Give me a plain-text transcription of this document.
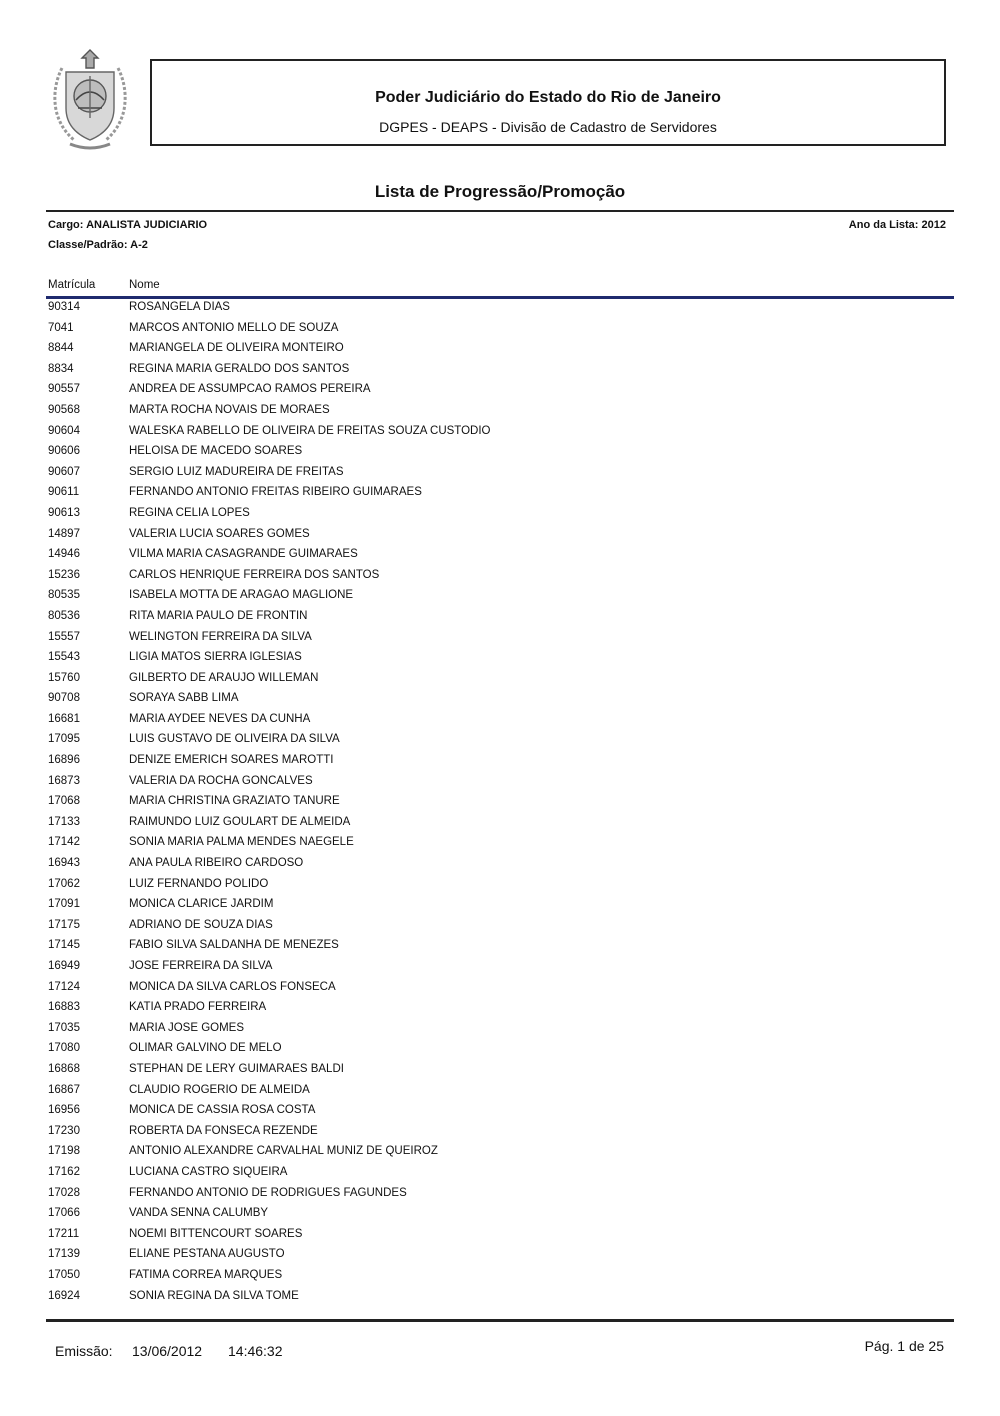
Poder Judiciário do Estado do Rio de Janeiro
DGPES - DEAPS - Divisão de Cadastro de Servidores
Lista de Progressão/Promoção
Cargo: ANALISTA JUDICIARIO
Classe/Padrão: A-2
Ano da Lista: 2012
Matrícula	Nome
90314	ROSANGELA DIAS
7041	MARCOS ANTONIO MELLO DE SOUZA
8844	MARIANGELA DE OLIVEIRA MONTEIRO
8834	REGINA MARIA GERALDO DOS SANTOS
90557	ANDREA DE ASSUMPCAO RAMOS PEREIRA
90568	MARTA ROCHA NOVAIS DE MORAES
90604	WALESKA RABELLO DE OLIVEIRA DE FREITAS SOUZA CUSTODIO
90606	HELOISA DE MACEDO SOARES
90607	SERGIO LUIZ MADUREIRA DE FREITAS
90611	FERNANDO ANTONIO FREITAS RIBEIRO GUIMARAES
90613	REGINA CELIA LOPES
14897	VALERIA LUCIA SOARES GOMES
14946	VILMA MARIA CASAGRANDE GUIMARAES
15236	CARLOS HENRIQUE FERREIRA DOS SANTOS
80535	ISABELA MOTTA DE ARAGAO MAGLIONE
80536	RITA MARIA PAULO DE FRONTIN
15557	WELINGTON FERREIRA DA SILVA
15543	LIGIA MATOS SIERRA IGLESIAS
15760	GILBERTO DE ARAUJO WILLEMAN
90708	SORAYA SABB LIMA
16681	MARIA AYDEE NEVES DA CUNHA
17095	LUIS GUSTAVO DE OLIVEIRA DA SILVA
16896	DENIZE EMERICH SOARES MAROTTI
16873	VALERIA DA ROCHA GONCALVES
17068	MARIA CHRISTINA GRAZIATO TANURE
17133	RAIMUNDO LUIZ GOULART DE ALMEIDA
17142	SONIA MARIA PALMA MENDES NAEGELE
16943	ANA PAULA RIBEIRO CARDOSO
17062	LUIZ FERNANDO POLIDO
17091	MONICA CLARICE JARDIM
17175	ADRIANO DE SOUZA DIAS
17145	FABIO SILVA SALDANHA DE MENEZES
16949	JOSE FERREIRA DA SILVA
17124	MONICA DA SILVA CARLOS FONSECA
16883	KATIA PRADO FERREIRA
17035	MARIA JOSE GOMES
17080	OLIMAR GALVINO DE MELO
16868	STEPHAN DE LERY GUIMARAES BALDI
16867	CLAUDIO ROGERIO DE ALMEIDA
16956	MONICA DE CASSIA ROSA COSTA
17230	ROBERTA DA FONSECA REZENDE
17198	ANTONIO ALEXANDRE CARVALHAL MUNIZ DE QUEIROZ
17162	LUCIANA CASTRO SIQUEIRA
17028	FERNANDO ANTONIO DE RODRIGUES FAGUNDES
17066	VANDA SENNA CALUMBY
17211	NOEMI BITTENCOURT SOARES
17139	ELIANE PESTANA AUGUSTO
17050	FATIMA CORREA MARQUES
16924	SONIA REGINA DA SILVA TOME
Emissão: 13/06/2012 14:46:32	Pág. 1 de 25
